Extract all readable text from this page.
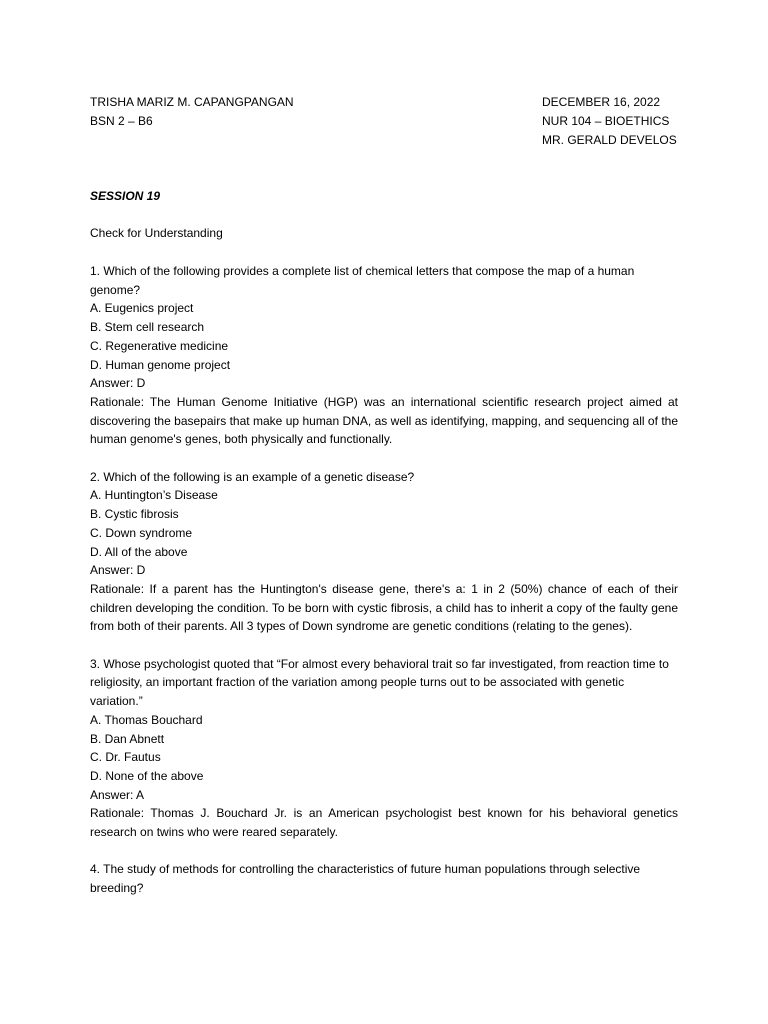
TRISHA MARIZ M. CAPANGPANGAN
BSN 2 – B6
DECEMBER 16, 2022
NUR 104 – BIOETHICS
MR. GERALD DEVELOS
SESSION 19
Check for Understanding
1. Which of the following provides a complete list of chemical letters that compose the map of a human genome?
A. Eugenics project
B. Stem cell research
C. Regenerative medicine
D. Human genome project
Answer: D
Rationale: The Human Genome Initiative (HGP) was an international scientific research project aimed at discovering the basepairs that make up human DNA, as well as identifying, mapping, and sequencing all of the human genome's genes, both physically and functionally.
2. Which of the following is an example of a genetic disease?
A. Huntington’s Disease
B. Cystic fibrosis
C. Down syndrome
D. All of the above
Answer: D
Rationale: If a parent has the Huntington's disease gene, there's a: 1 in 2 (50%) chance of each of their children developing the condition. To be born with cystic fibrosis, a child has to inherit a copy of the faulty gene from both of their parents. All 3 types of Down syndrome are genetic conditions (relating to the genes).
3. Whose psychologist quoted that “For almost every behavioral trait so far investigated, from reaction time to religiosity, an important fraction of the variation among people turns out to be associated with genetic variation.”
A. Thomas Bouchard
B. Dan Abnett
C. Dr. Fautus
D. None of the above
Answer: A
Rationale: Thomas J. Bouchard Jr. is an American psychologist best known for his behavioral genetics research on twins who were reared separately.
4. The study of methods for controlling the characteristics of future human populations through selective breeding?
